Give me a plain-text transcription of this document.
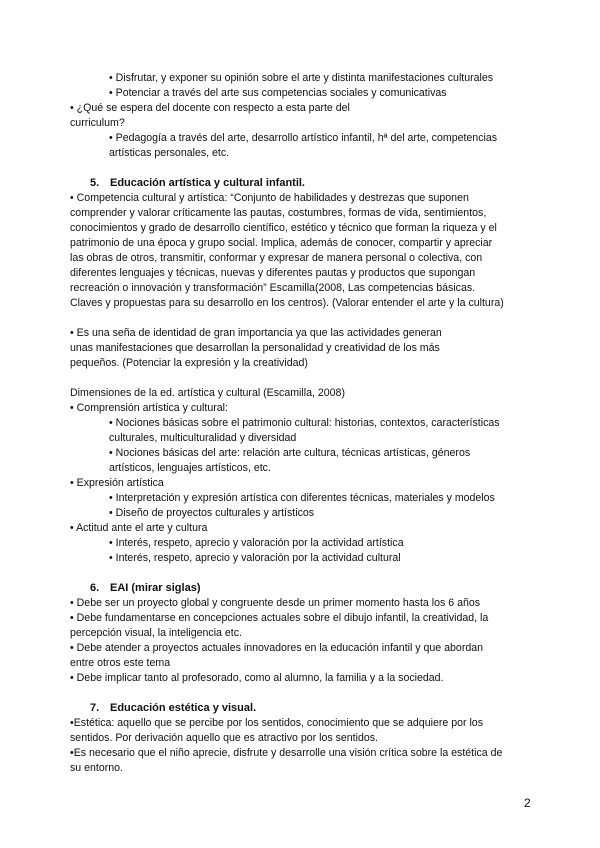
• Disfrutar, y exponer su opinión sobre el arte y distinta manifestaciones culturales
• Potenciar a través del arte sus competencias sociales y comunicativas
• ¿Qué se espera del docente con respecto a esta parte del
curriculum?
• Pedagogía a través del arte, desarrollo artístico infantil, hª del arte, competencias
artísticas personales, etc.
5. Educación artística y cultural infantil.
• Competencia cultural y artística: “Conjunto de habilidades y destrezas que suponen
comprender y valorar críticamente las pautas, costumbres, formas de vida, sentimientos,
conocimientos y grado de desarrollo científico, estético y técnico que forman la riqueza y el
patrimonio de una época y grupo social. Implica, además de conocer, compartir y apreciar
las obras de otros, transmitir, conformar y expresar de manera personal o colectiva, con
diferentes lenguajes y técnicas, nuevas y diferentes pautas y productos que supongan
recreación o innovación y transformación” Escamilla(2008, Las competencias básicas.
Claves y propuestas para su desarrollo en los centros). (Valorar entender el arte y la cultura)
• Es una seña de identidad de gran importancia ya que las actividades generan
unas manifestaciones que desarrollan la personalidad y creatividad de los más
pequeños. (Potenciar la expresión y la creatividad)
Dimensiones de la ed. artística y cultural (Escamilla, 2008)
• Comprensión artística y cultural:
• Nociones básicas sobre el patrimonio cultural: historias, contextos, características
culturales, multiculturalidad y diversidad
• Nociones básicas del arte: relación arte cultura, técnicas artísticas, géneros
artísticos, lenguajes artísticos, etc.
• Expresión artística
• Interpretación y expresión artística con diferentes técnicas, materiales y modelos
• Diseño de proyectos culturales y artísticos
• Actitud ante el arte y cultura
• Interés, respeto, aprecio y valoración por la actividad artística
• Interés, respeto, aprecio y valoración por la actividad cultural
6. EAI (mirar siglas)
• Debe ser un proyecto global y congruente desde un primer momento hasta los 6 años
• Debe fundamentarse en concepciones actuales sobre el dibujo infantil, la creatividad, la
percepción visual, la inteligencia etc.
• Debe atender a proyectos actuales innovadores en la educación infantil y que abordan
entre otros este tema
• Debe implicar tanto al profesorado, como al alumno, la familia y a la sociedad.
7. Educación estética y visual.
•Estética: aquello que se percibe por los sentidos, conocimiento que se adquiere por los
sentidos. Por derivación aquello que es atractivo por los sentidos.
•Es necesario que el niño aprecie, disfrute y desarrolle una visión crítica sobre la estética de
su entorno.
2
